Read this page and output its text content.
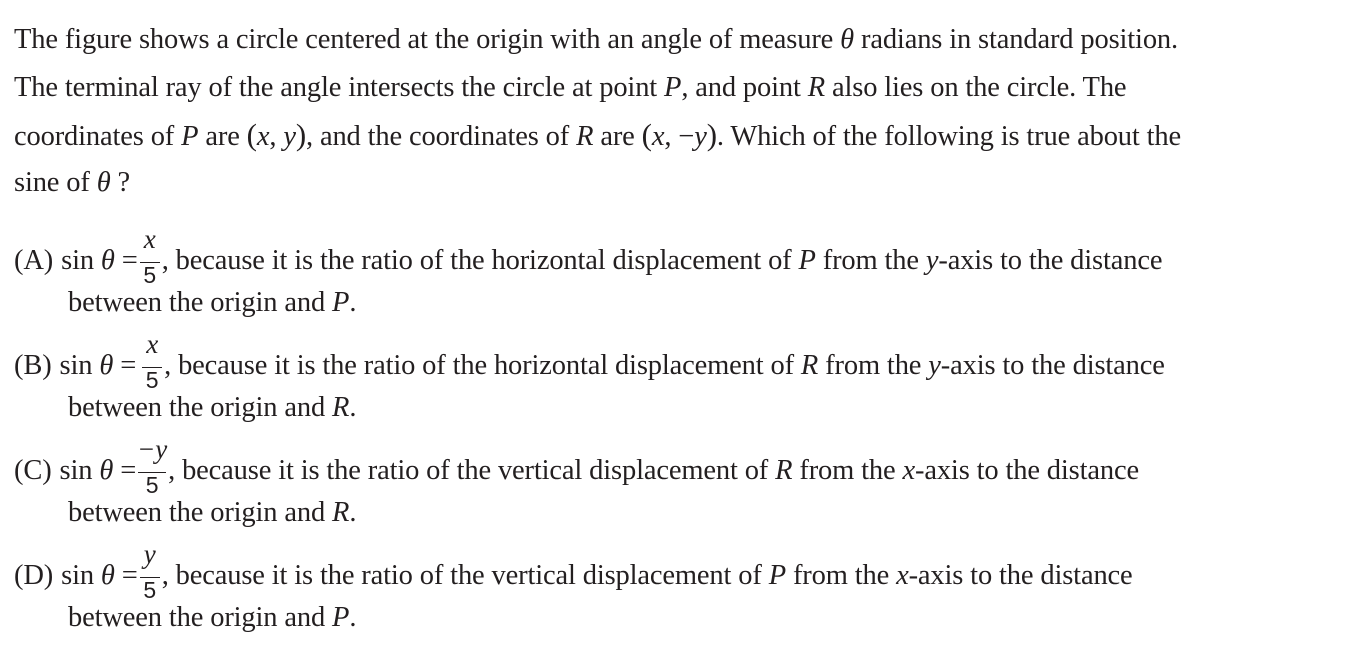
The figure shows a circle centered at the origin with an angle of measure θ radians in standard position.
The terminal ray of the angle intersects the circle at point P, and point R also lies on the circle. The
coordinates of P are (x, y), and the coordinates of R are (x, −y). Which of the following is true about the
sine of θ ?
(A) $\sin \theta = \frac{x}{5}$ , because it is the ratio of the horizontal displacement of P from the y-axis to the distance
between the origin and P.
(B) $\sin \theta = \frac{x}{5}$ , because it is the ratio of the horizontal displacement of R from the y-axis to the distance
between the origin and R.
(C) $\sin \theta = \frac{-y}{5}$ , because it is the ratio of the vertical displacement of R from the x-axis to the distance
between the origin and R.
(D) $\sin \theta = \frac{y}{5}$ , because it is the ratio of the vertical displacement of P from the x-axis to the distance
between the origin and P.
